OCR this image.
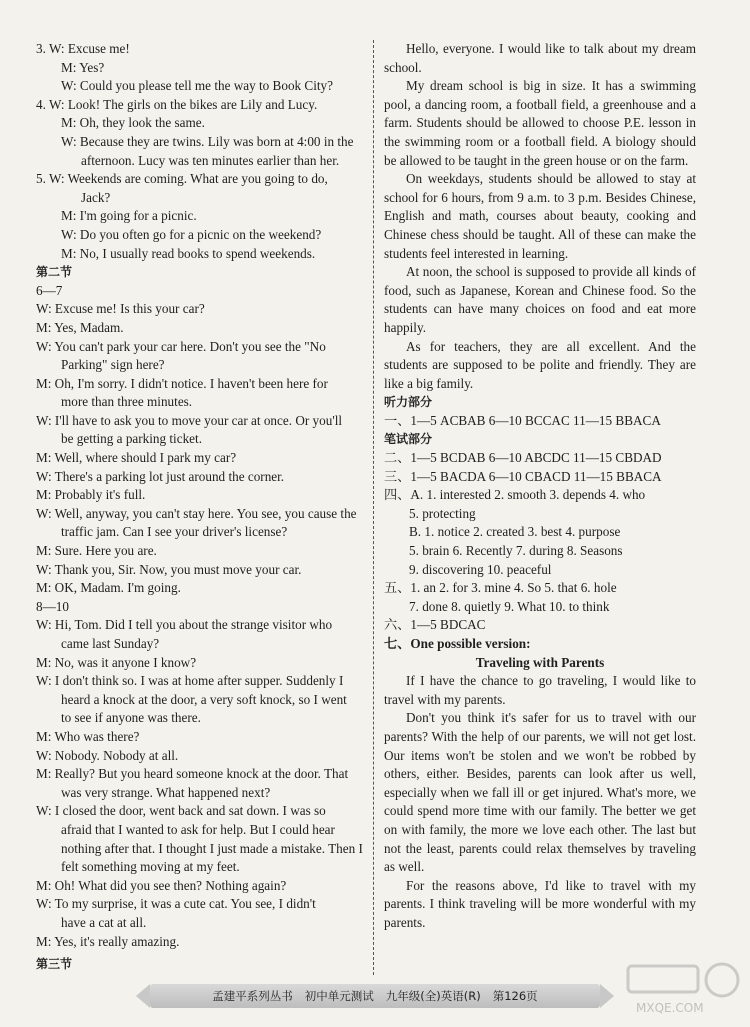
3. W: Excuse me!
M: Yes?
W: Could you please tell me the way to Book City?
4. W: Look! The girls on the bikes are Lily and Lucy.
M: Oh, they look the same.
W: Because they are twins. Lily was born at 4:00 in the
afternoon. Lucy was ten minutes earlier than her.
5. W: Weekends are coming. What are you going to do,
Jack?
M: I'm going for a picnic.
W: Do you often go for a picnic on the weekend?
M: No, I usually read books to spend weekends.
第二节
6—7
W: Excuse me! Is this your car?
M: Yes, Madam.
W: You can't park your car here. Don't you see the "No
Parking" sign here?
M: Oh, I'm sorry. I didn't notice. I haven't been here for
more than three minutes.
W: I'll have to ask you to move your car at once. Or you'll
be getting a parking ticket.
M: Well, where should I park my car?
W: There's a parking lot just around the corner.
M: Probably it's full.
W: Well, anyway, you can't stay here. You see, you cause the
traffic jam. Can I see your driver's license?
M: Sure. Here you are.
W: Thank you, Sir. Now, you must move your car.
M: OK, Madam. I'm going.
8—10
W: Hi, Tom. Did I tell you about the strange visitor who
came last Sunday?
M: No, was it anyone I know?
W: I don't think so. I was at home after supper. Suddenly I
heard a knock at the door, a very soft knock, so I went
to see if anyone was there.
M: Who was there?
W: Nobody. Nobody at all.
M: Really? But you heard someone knock at the door. That
was very strange. What happened next?
W: I closed the door, went back and sat down. I was so
afraid that I wanted to ask for help. But I could hear
nothing after that. I thought I just made a mistake. Then I
felt something moving at my feet.
M: Oh! What did you see then? Nothing again?
W: To my surprise, it was a cute cat. You see, I didn't
have a cat at all.
M: Yes, it's really amazing.
Hello, everyone. I would like to talk about my dream school.
My dream school is big in size. It has a swimming pool, a dancing room, a football field, a greenhouse and a farm. Students should be allowed to choose P.E. lesson in the swimming room or a football field. A biology should be allowed to be taught in the green house or on the farm.
On weekdays, students should be allowed to stay at school for 6 hours, from 9 a.m. to 3 p.m. Besides Chinese, English and math, courses about beauty, cooking and Chinese chess should be taught. All of these can make the students feel interested in learning.
At noon, the school is supposed to provide all kinds of food, such as Japanese, Korean and Chinese food. So the students can have many choices on food and eat more happily.
As for teachers, they are all excellent. And the students are supposed to be polite and friendly. They are like a big family.
听力部分
一、1—5 ACBAB 6—10 BCCAC 11—15 BBACA
笔试部分
二、1—5 BCDAB 6—10 ABCDC 11—15 CBDAD
三、1—5 BACDA 6—10 CBACD 11—15 BBACA
四、A. 1. interested 2. smooth 3. depends 4. who
5. protecting
B. 1. notice 2. created 3. best 4. purpose
5. brain 6. Recently 7. during 8. Seasons
9. discovering 10. peaceful
五、1. an 2. for 3. mine 4. So 5. that 6. hole
7. done 8. quietly 9. What 10. to think
六、1—5 BDCAC
七、One possible version:
Traveling with Parents
If I have the chance to go traveling, I would like to travel with my parents.
Don't you think it's safer for us to travel with our parents? With the help of our parents, we will not get lost. Our items won't be stolen and we won't be robbed by others, either. Besides, parents can look after us well, especially when we fall ill or get injured. What's more, we could spend more time with our family. The better we get on with family, the more we love each other. The last but not the least, parents could relax themselves by traveling as well.
For the reasons above, I'd like to travel with my parents. I think traveling will be more wonderful with my parents.
第三节
孟建平系列丛书 初中单元测试 九年级(全)英语(R) 第126页
MXQE.COM
